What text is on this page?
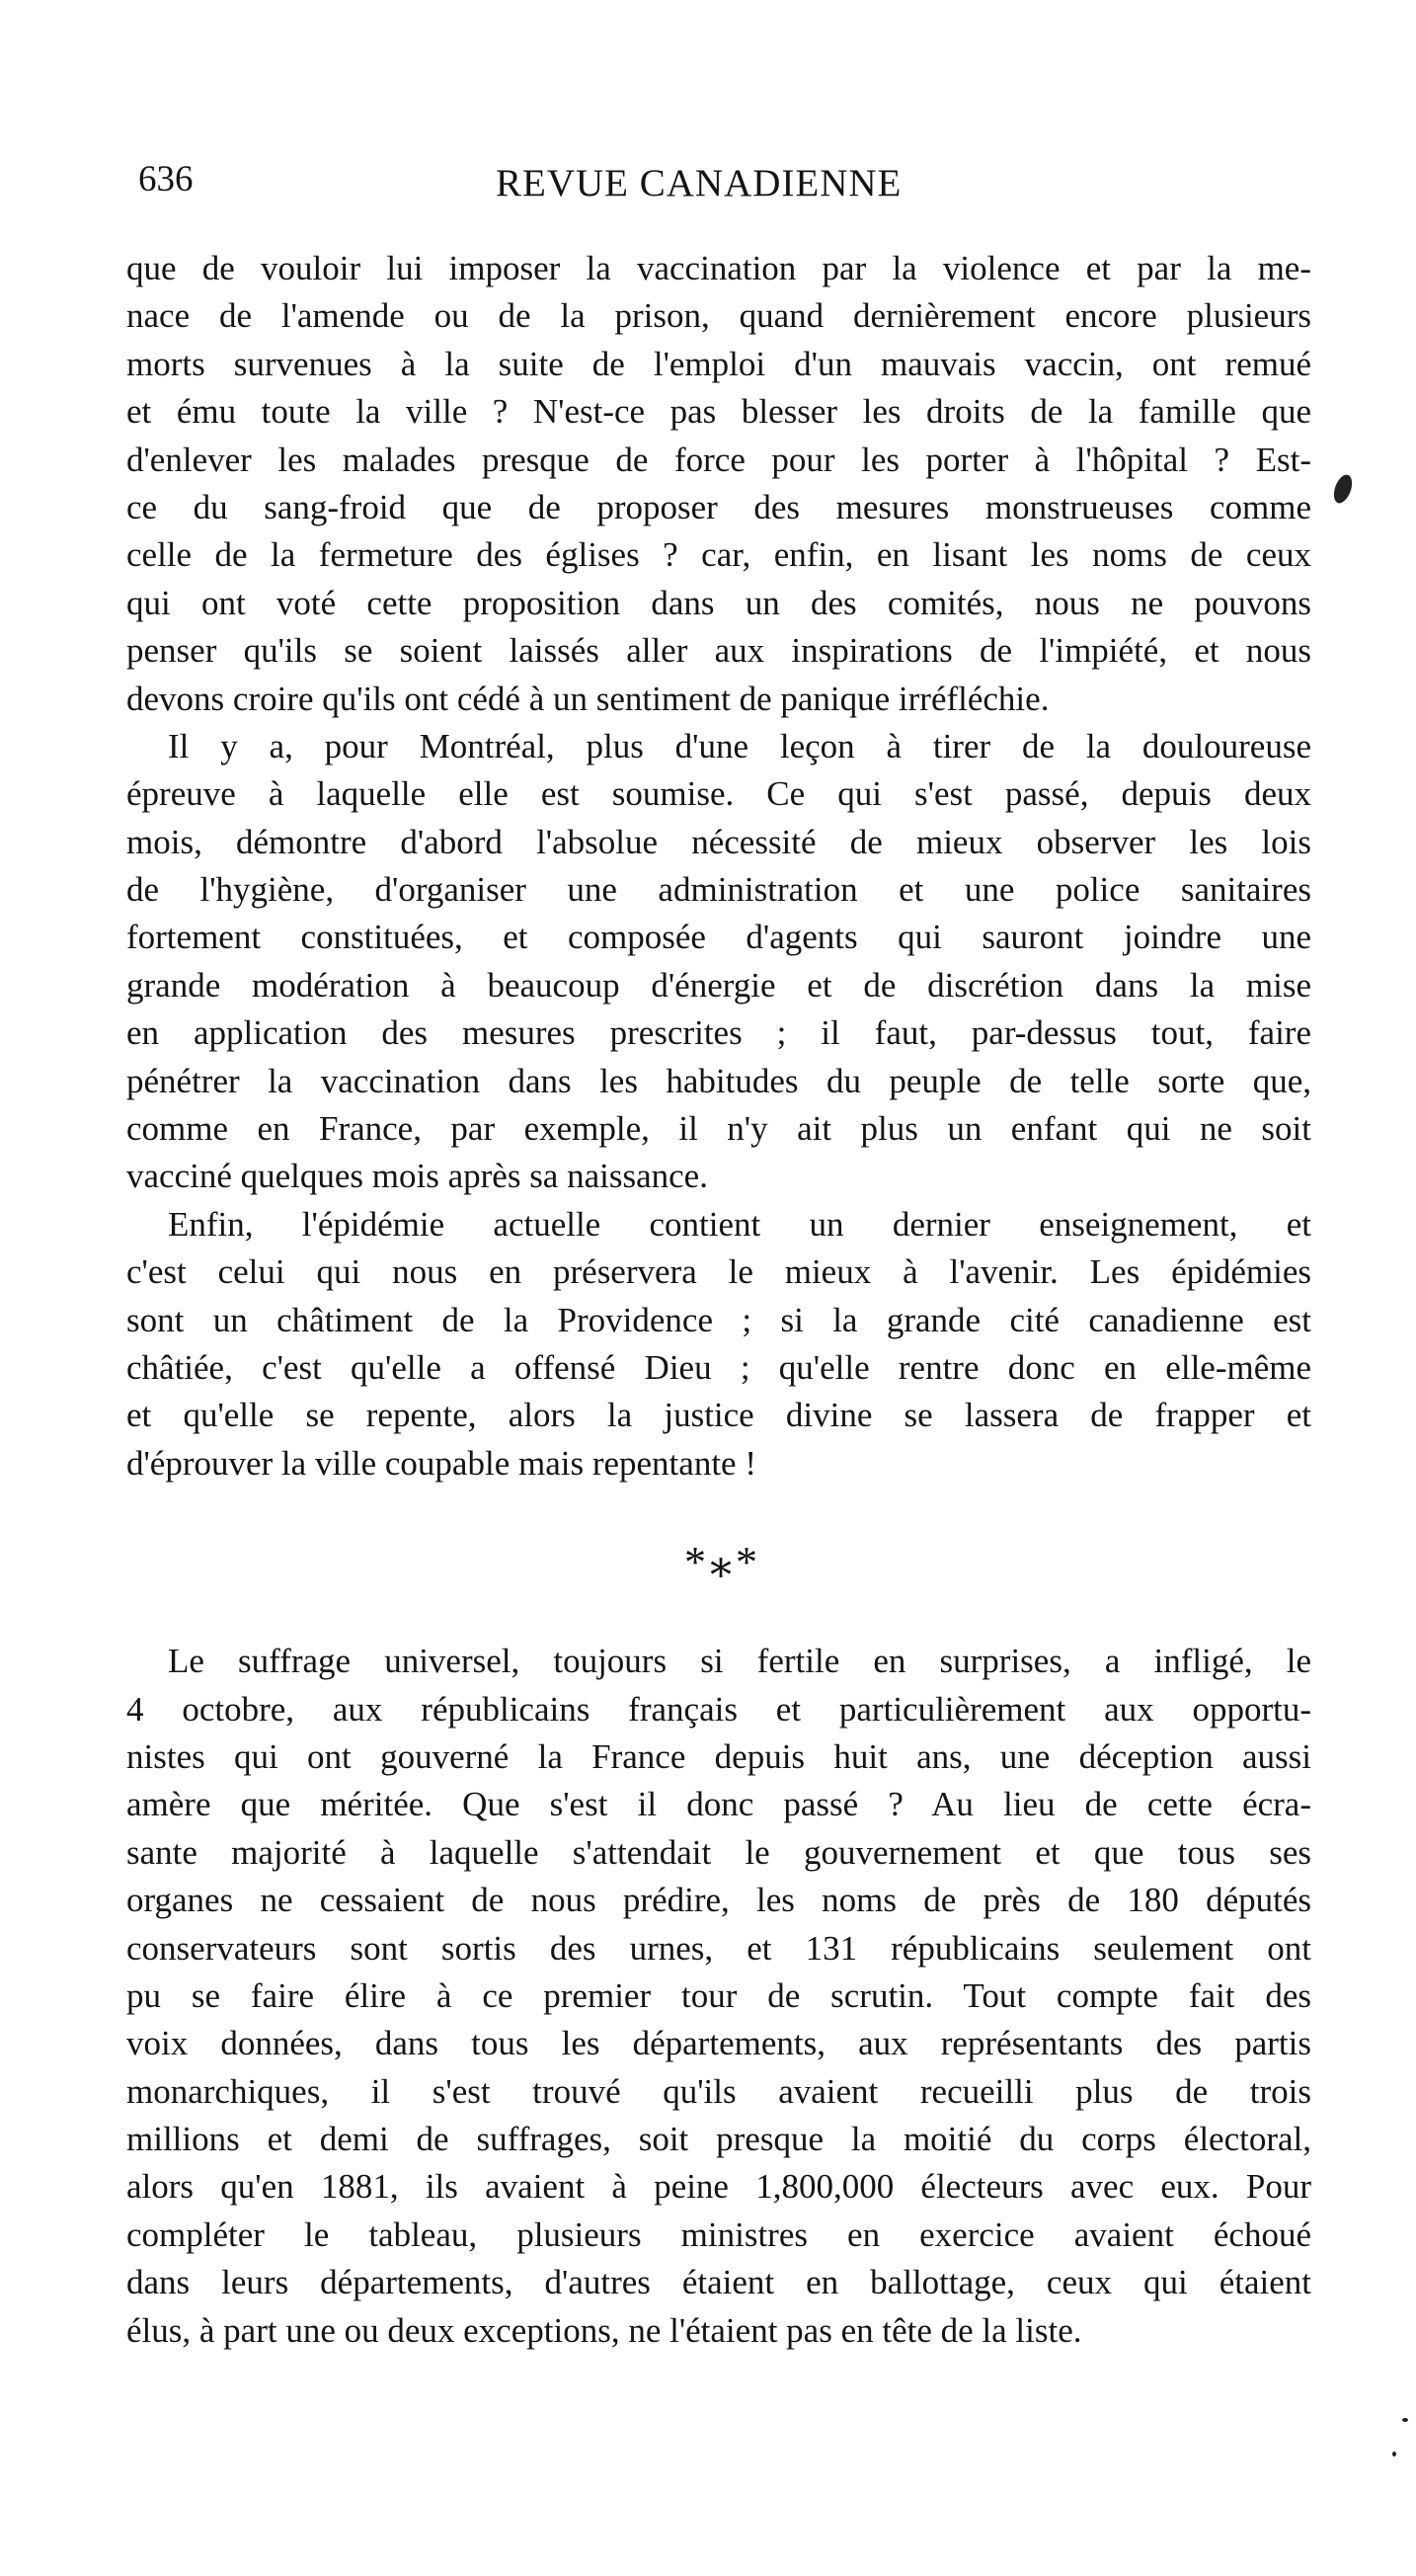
636	REVUE CANADIENNE
que de vouloir lui imposer la vaccination par la violence et par la me-
nace de l'amende ou de la prison, quand dernièrement encore plusieurs
morts survenues à la suite de l'emploi d'un mauvais vaccin, ont remué
et ému toute la ville ? N'est-ce pas blesser les droits de la famille que
d'enlever les malades presque de force pour les porter à l'hôpital ? Est-
ce du sang-froid que de proposer des mesures monstrueuses comme
celle de la fermeture des églises ? car, enfin, en lisant les noms de ceux
qui ont voté cette proposition dans un des comités, nous ne pouvons
penser qu'ils se soient laissés aller aux inspirations de l'impiété, et nous
devons croire qu'ils ont cédé à un sentiment de panique irréfléchie.
Il y a, pour Montréal, plus d'une leçon à tirer de la douloureuse
épreuve à laquelle elle est soumise. Ce qui s'est passé, depuis deux
mois, démontre d'abord l'absolue nécessité de mieux observer les lois
de l'hygiène, d'organiser une administration et une police sanitaires
fortement constituées, et composée d'agents qui sauront joindre une
grande modération à beaucoup d'énergie et de discrétion dans la mise
en application des mesures prescrites ; il faut, par-dessus tout, faire
pénétrer la vaccination dans les habitudes du peuple de telle sorte que,
comme en France, par exemple, il n'y ait plus un enfant qui ne soit
vacciné quelques mois après sa naissance.
Enfin, l'épidémie actuelle contient un dernier enseignement, et
c'est celui qui nous en préservera le mieux à l'avenir. Les épidémies
sont un châtiment de la Providence ; si la grande cité canadienne est
châtiée, c'est qu'elle a offensé Dieu ; qu'elle rentre donc en elle-même
et qu'elle se repente, alors la justice divine se lassera de frapper et
d'éprouver la ville coupable mais repentante !
*⁎*
Le suffrage universel, toujours si fertile en surprises, a infligé, le
4 octobre, aux républicains français et particulièrement aux opportu-
nistes qui ont gouverné la France depuis huit ans, une déception aussi
amère que méritée. Que s'est il donc passé ? Au lieu de cette écra-
sante majorité à laquelle s'attendait le gouvernement et que tous ses
organes ne cessaient de nous prédire, les noms de près de 180 députés
conservateurs sont sortis des urnes, et 131 républicains seulement ont
pu se faire élire à ce premier tour de scrutin. Tout compte fait des
voix données, dans tous les départements, aux représentants des partis
monarchiques, il s'est trouvé qu'ils avaient recueilli plus de trois
millions et demi de suffrages, soit presque la moitié du corps électoral,
alors qu'en 1881, ils avaient à peine 1,800,000 électeurs avec eux. Pour
compléter le tableau, plusieurs ministres en exercice avaient échoué
dans leurs départements, d'autres étaient en ballottage, ceux qui étaient
élus, à part une ou deux exceptions, ne l'étaient pas en tête de la liste.
